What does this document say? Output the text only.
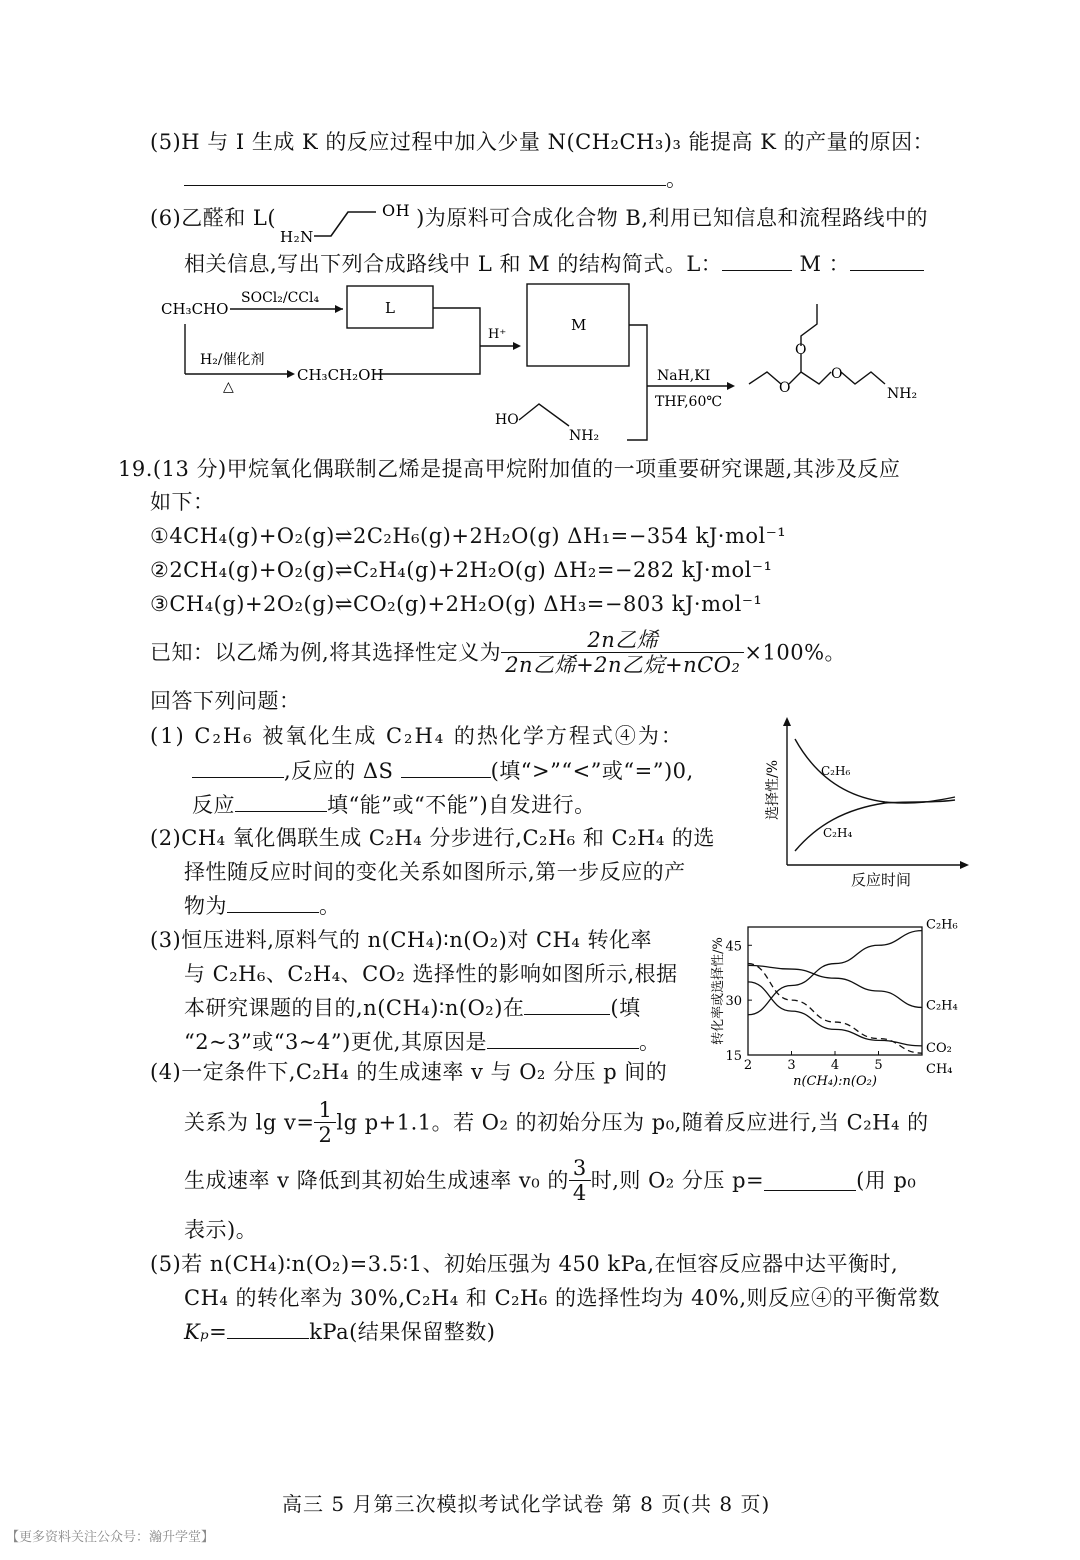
(5)H 与 I 生成 K 的反应过程中加入少量 N(CH₂CH₃)₃ 能提高 K 的产量的原因：
。
(6)乙醛和 L(	OH
H₂N
)为原料可合成化合物 B,利用已知信息和流程路线中的
相关信息,写出下列合成路线中 L 和 M 的结构简式。L：	M ：
CH₃CHO
SOCl₂/CCl₄
L
H₂/催化剂
△
CH₃CH₂OH
H⁺
M
NaH,KI
THF,60℃
HO
NH₂
O
O
O
NH₂
19.(13 分)甲烷氧化偶联制乙烯是提高甲烷附加值的一项重要研究课题,其涉及反应
如下：
①4CH₄(g)+O₂(g)⇌2C₂H₆(g)+2H₂O(g) ΔH₁=−354 kJ·mol⁻¹
②2CH₄(g)+O₂(g)⇌C₂H₄(g)+2H₂O(g) ΔH₂=−282 kJ·mol⁻¹
③CH₄(g)+2O₂(g)⇌CO₂(g)+2H₂O(g) ΔH₃=−803 kJ·mol⁻¹
已知：以乙烯为例,将其选择性定义为 $\frac{\text{2n乙烯}}{\text{2n乙烯+2n乙烷+nCO₂}} \times 100\%$。
回答下列问题：
(1) C₂H₆ 被氧化生成 C₂H₄ 的热化学方程式④为：
,反应的 ΔS	(填“>”“<”或“=”)0,
反应	填“能”或“不能”)自发进行。
(2)CH₄ 氧化偶联生成 C₂H₄ 分步进行,C₂H₆ 和 C₂H₄ 的选
择性随反应时间的变化关系如图所示,第一步反应的产
物为	。
C₂H₆
C₂H₄
反应时间
选择性/%
(3)恒压进料,原料气的 n(CH₄)∶n(O₂)对 CH₄ 转化率
与 C₂H₆、C₂H₄、CO₂ 选择性的影响如图所示,根据
本研究课题的目的,n(CH₄)∶n(O₂)在	(填
“2~3”或“3~4”)更优,其原因是	。
15
30
45
2	3	4	5
n(CH₄):n(O₂)
转化率或选择性/%
C₂H₆
C₂H₄
CO₂
CH₄
(4)一定条件下,C₂H₄ 的生成速率 v 与 O₂ 分压 p 间的
关系为 $\lg v= \frac{1}{2}$ lg p+1.1。若 O₂ 的初始分压为 p₀,随着反应进行,当 C₂H₄ 的
生成速率 v 降低到其初始生成速率 v₀ 的 $\frac{3}{4}$ 时,则 O₂ 分压 p=	(用 p₀
表示)。
(5)若 n(CH₄)∶n(O₂)=3.5∶1、初始压强为 450 kPa,在恒容反应器中达平衡时,
CH₄ 的转化率为 30%,C₂H₄ 和 C₂H₆ 的选择性均为 40%,则反应④的平衡常数
Kₚ=	kPa(结果保留整数)
高三 5 月第三次模拟考试化学试卷 第 8 页(共 8 页)
【更多资料关注公众号：瀚升学堂】
